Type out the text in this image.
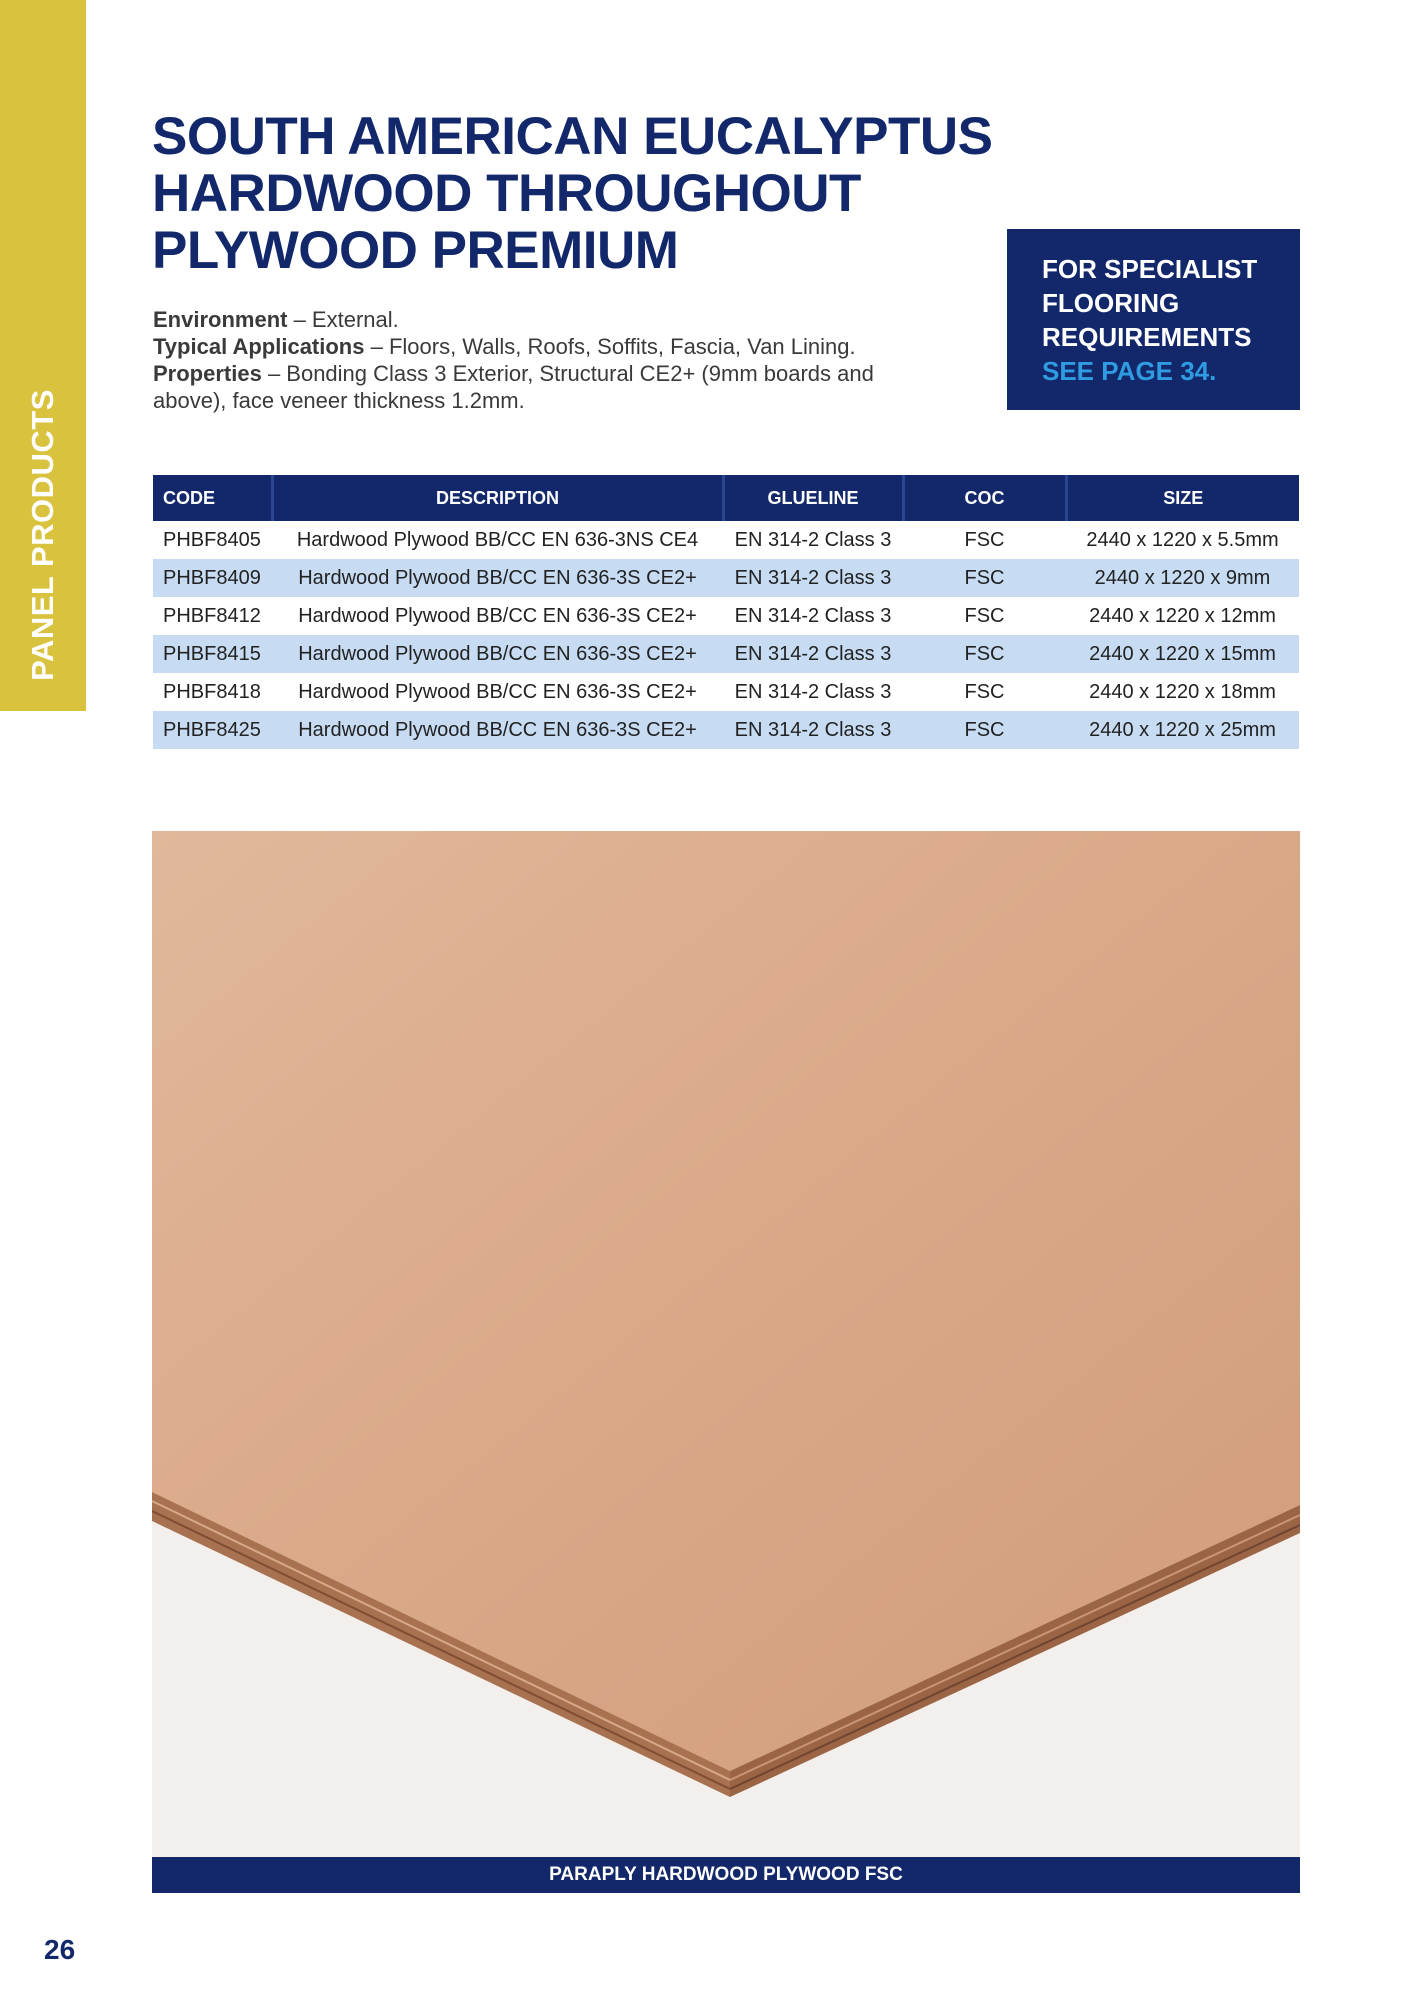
PANEL PRODUCTS
SOUTH AMERICAN EUCALYPTUS
HARDWOOD THROUGHOUT
PLYWOOD PREMIUM
Environment – External.
Typical Applications – Floors, Walls, Roofs, Soffits, Fascia, Van Lining.
Properties – Bonding Class 3 Exterior, Structural CE2+ (9mm boards and above), face veneer thickness 1.2mm.
FOR SPECIALIST
FLOORING
REQUIREMENTS
SEE PAGE 34.
CODE	DESCRIPTION	GLUELINE	COC	SIZE
PHBF8405	Hardwood Plywood BB/CC EN 636-3NS CE4	EN 314-2 Class 3	FSC	2440 x 1220 x 5.5mm
PHBF8409	Hardwood Plywood BB/CC EN 636-3S CE2+	EN 314-2 Class 3	FSC	2440 x 1220 x 9mm
PHBF8412	Hardwood Plywood BB/CC EN 636-3S CE2+	EN 314-2 Class 3	FSC	2440 x 1220 x 12mm
PHBF8415	Hardwood Plywood BB/CC EN 636-3S CE2+	EN 314-2 Class 3	FSC	2440 x 1220 x 15mm
PHBF8418	Hardwood Plywood BB/CC EN 636-3S CE2+	EN 314-2 Class 3	FSC	2440 x 1220 x 18mm
PHBF8425	Hardwood Plywood BB/CC EN 636-3S CE2+	EN 314-2 Class 3	FSC	2440 x 1220 x 25mm
PARAPLY HARDWOOD PLYWOOD FSC
26
